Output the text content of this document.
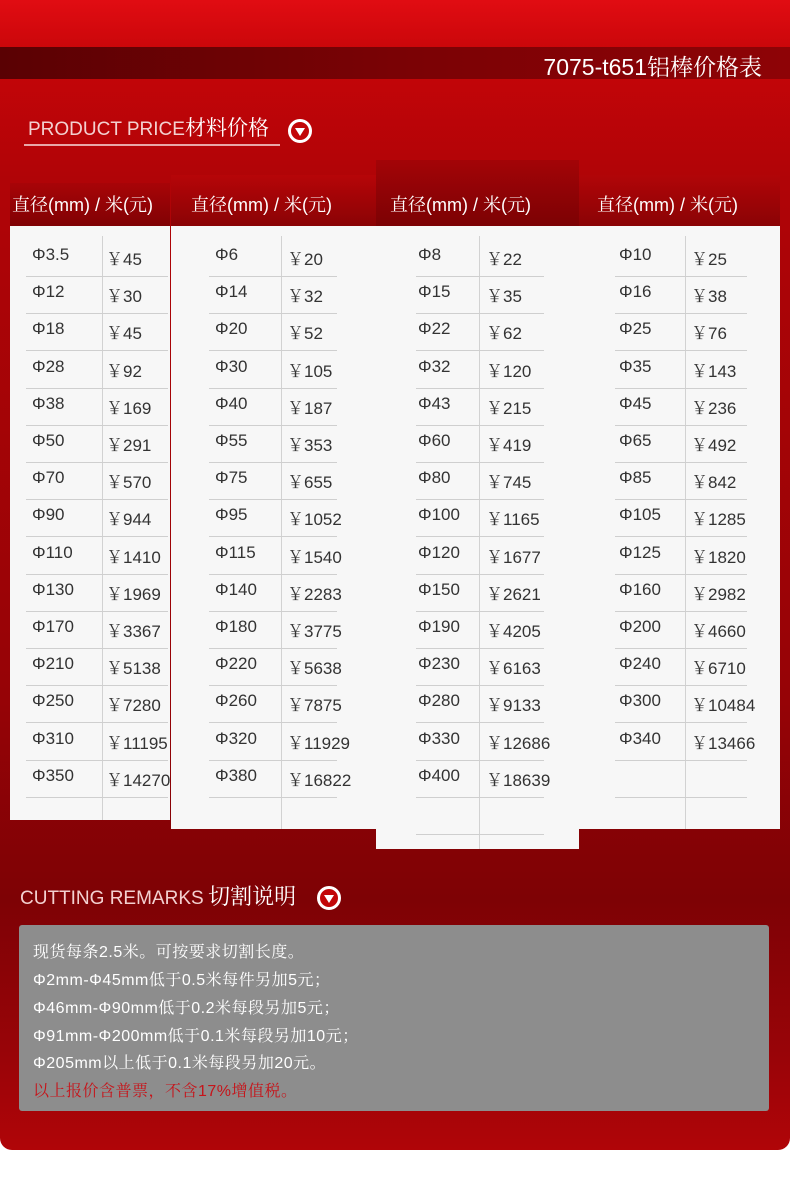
7075-t651铝棒价格表
PRODUCT PRICE材料价格
直径(mm) / 米(元)
Φ3.5 ￥45
Φ12 ￥30
Φ18 ￥45
Φ28 ￥92
Φ38 ￥169
Φ50 ￥291
Φ70 ￥570
Φ90 ￥944
Φ110 ￥1410
Φ130 ￥1969
Φ170 ￥3367
Φ210 ￥5138
Φ250 ￥7280
Φ310 ￥11195
Φ350 ￥14270
直径(mm) / 米(元)
Φ6	￥20
Φ14 ￥32
Φ20 ￥52
Φ30 ￥105
Φ40 ￥187
Φ55 ￥353
Φ75 ￥655
Φ95 ￥1052
Φ115 ￥1540
Φ140 ￥2283
Φ180 ￥3775
Φ220 ￥5638
Φ260 ￥7875
Φ320 ￥11929
Φ380 ￥16822
直径(mm) / 米(元)
Φ8	￥22
Φ15 ￥35
Φ22 ￥62
Φ32 ￥120
Φ43 ￥215
Φ60 ￥419
Φ80 ￥745
Φ100 ￥1165
Φ120 ￥1677
Φ150 ￥2621
Φ190 ￥4205
Φ230 ￥6163
Φ280 ￥9133
Φ330 ￥12686
Φ400 ￥18639
直径(mm) / 米(元)
Φ10 ￥25
Φ16 ￥38
Φ25 ￥76
Φ35 ￥143
Φ45 ￥236
Φ65 ￥492
Φ85 ￥842
Φ105 ￥1285
Φ125 ￥1820
Φ160 ￥2982
Φ200 ￥4660
Φ240 ￥6710
Φ300 ￥10484
Φ340 ￥13466
CUTTING REMARKS 切割说明

现货每条2.5米。可按要求切割长度。

Φ2mm-Φ45mm低于0.5米每件另加5元；

Φ46mm-Φ90mm低于0.2米每段另加5元；

Φ91mm-Φ200mm低于0.1米每段另加10元；

Φ205mm以上低于0.1米每段另加20元。

以上报价含普票，不含17%增值税。
